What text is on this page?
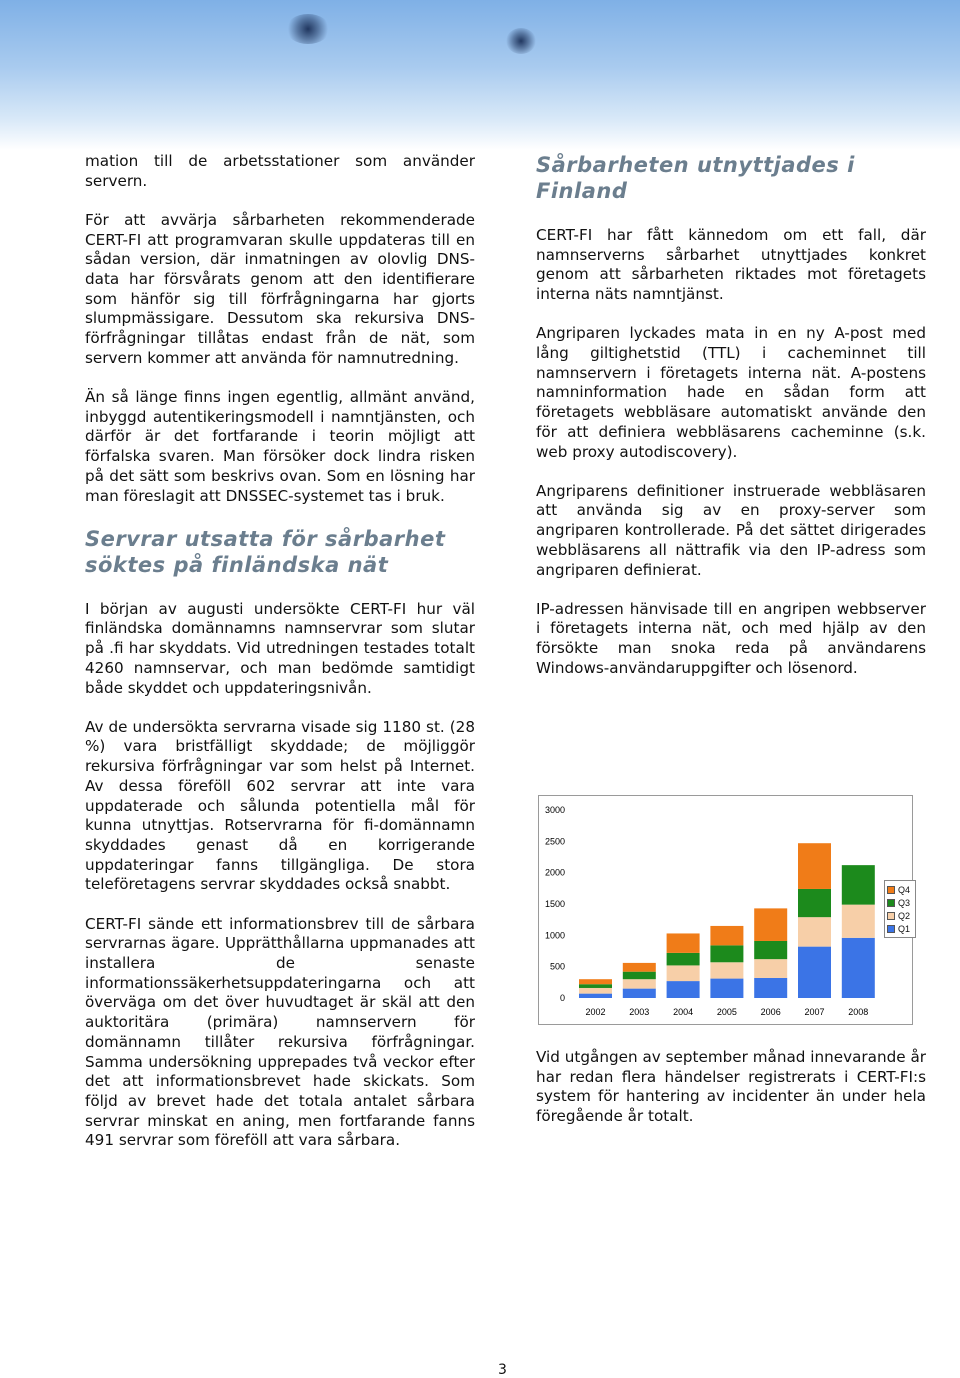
mation till de arbetsstationer som använder servern.

För att avvärja sårbarheten rekommenderade CERT-FI att programvaran skulle uppdateras till en sådan version, där inmatningen av olovlig DNS-data har försvårats genom att den identifierare som hänför sig till förfrågningarna har gjorts slumpmässigare. Dessutom ska rekursiva DNS-förfrågningar tillåtas endast från de nät, som servern kommer att använda för namnutredning.

Än så länge finns ingen egentlig, allmänt använd, inbyggd autentikeringsmodell i namntjänsten, och därför är det fortfarande i teorin möjligt att förfalska svaren. Man försöker dock lindra risken på det sätt som beskrivs ovan. Som en lösning har man föreslagit att DNSSEC-systemet tas i bruk.

Servrar utsatta för sårbarhet söktes på finländska nät

I början av augusti undersökte CERT-FI hur väl finländska domännamns namnservrar som slutar på .fi har skyddats. Vid utredningen testades totalt 4260 namnservar, och man bedömde samtidigt både skyddet och uppdateringsnivån.

Av de undersökta servrarna visade sig 1180 st. (28 %) vara bristfälligt skyddade; de möjliggör rekursiva förfrågningar var som helst på Internet. Av dessa föreföll 602 servrar att inte vara uppdaterade och sålunda potentiella mål för kunna utnyttjas. Rotservrarna för fi-domännamn skyddades genast då en korrigerande uppdateringar fanns tillgängliga. De stora teleföretagens servrar skyddades också snabbt.

CERT-FI sände ett informationsbrev till de sårbara servrarnas ägare. Upprätthållarna uppmanades att installera de senaste informationssäkerhetsuppdateringarna och att överväga om det över huvudtaget är skäl att den auktoritära (primära) namnservern för domännamn tillåter rekursiva förfrågningar. Samma undersökning upprepades två veckor efter det att informationsbrevet hade skickats. Som följd av brevet hade det totala antalet sårbara servrar minskat en aning, men fortfarande fanns 491 servrar som föreföll att vara sårbara.

Sårbarheten utnyttjades i Finland

CERT-FI har fått kännedom om ett fall, där namnserverns sårbarhet utnyttjades konkret genom att sårbarheten riktades mot företagets interna näts namntjänst.

Angriparen lyckades mata in en ny A-post med lång giltighetstid (TTL) i cacheminnet till namnservern i företagets interna nät. A-postens namninformation hade en sådan form att företagets webbläsare automatiskt använde den för att definiera webbläsarens cacheminne (s.k. web proxy autodiscovery).

Angriparens definitioner instruerade webbläsaren att använda sig av en proxy-server som angriparen kontrollerade. På det sättet dirigerades webbläsarens all nättrafik via den IP-adress som angriparen definierat.

IP-adressen hänvisade till en angripen webbserver i företagets interna nät, och med hjälp av den försökte man snoka reda på användarens Windows-användaruppgifter och lösenord.

3000
2500
2000
1500
1000
500
0
2002	2003	2004	2005	2006	2007	2008
Q4
Q3
Q2
Q1

Vid utgången av september månad innevarande år har redan flera händelser registrerats i CERT-FI:s system för hantering av incidenter än under hela föregående år totalt.

3
